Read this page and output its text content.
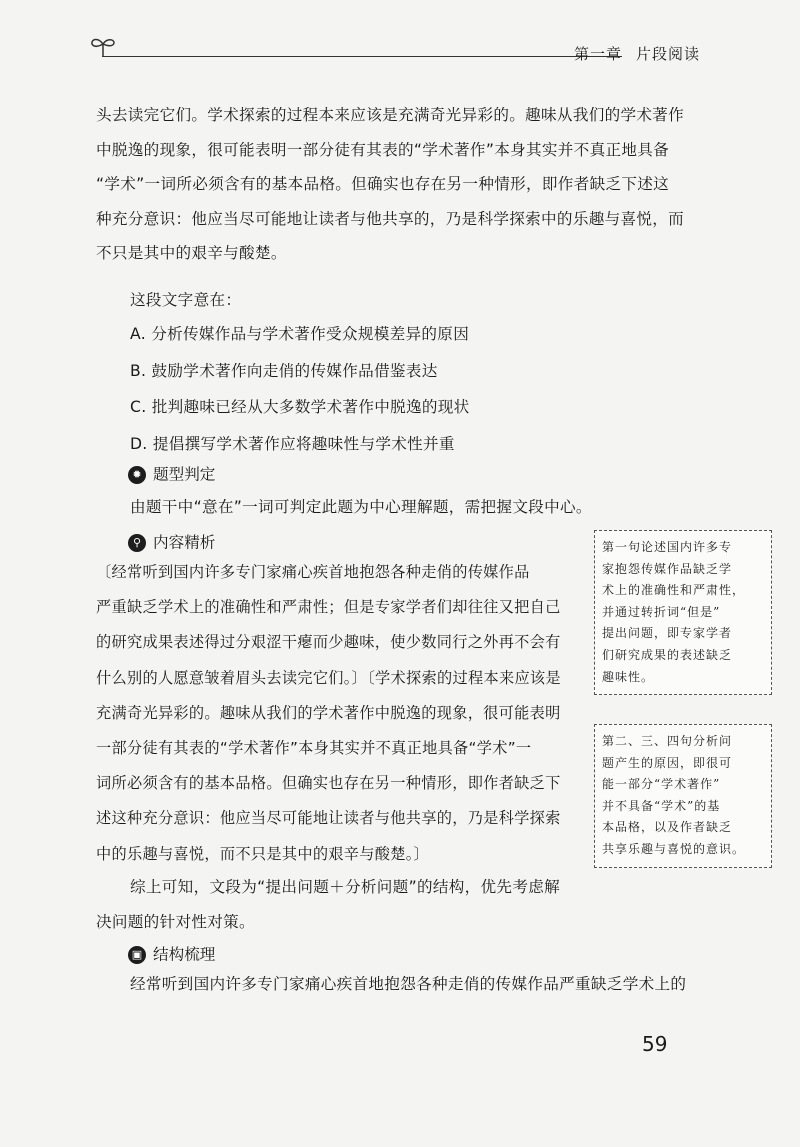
第一章 片段阅读
头去读完它们。学术探索的过程本来应该是充满奇光异彩的。趣味从我们的学术著作
中脱逸的现象，很可能表明一部分徒有其表的“学术著作”本身其实并不真正地具备
“学术”一词所必须含有的基本品格。但确实也存在另一种情形，即作者缺乏下述这
种充分意识：他应当尽可能地让读者与他共享的，乃是科学探索中的乐趣与喜悦，而
不只是其中的艰辛与酸楚。
这段文字意在：
A. 分析传媒作品与学术著作受众规模差异的原因
B. 鼓励学术著作向走俏的传媒作品借鉴表达
C. 批判趣味已经从大多数学术著作中脱逸的现状
D. 提倡撰写学术著作应将趣味性与学术性并重
✹ 题型判定
由题干中“意在”一词可判定此题为中心理解题，需把握文段中心。
⚲ 内容精析
〔经常听到国内许多专门家痛心疾首地抱怨各种走俏的传媒作品
严重缺乏学术上的准确性和严肃性；但是专家学者们却往往又把自己
的研究成果表述得过分艰涩干瘪而少趣味，使少数同行之外再不会有
什么别的人愿意皱着眉头去读完它们。〕〔学术探索的过程本来应该是
充满奇光异彩的。趣味从我们的学术著作中脱逸的现象，很可能表明
一部分徒有其表的“学术著作”本身其实并不真正地具备“学术”一
词所必须含有的基本品格。但确实也存在另一种情形，即作者缺乏下
述这种充分意识：他应当尽可能地让读者与他共享的，乃是科学探索
中的乐趣与喜悦，而不只是其中的艰辛与酸楚。〕
综上可知，文段为“提出问题＋分析问题”的结构，优先考虑解
决问题的针对性对策。
第一句论述国内许多专
家抱怨传媒作品缺乏学
术上的准确性和严肃性，
并通过转折词“但是”
提出问题，即专家学者
们研究成果的表述缺乏
趣味性。
第二、三、四句分析问
题产生的原因，即很可
能一部分“学术著作”
并不具备“学术”的基
本品格，以及作者缺乏
共享乐趣与喜悦的意识。
▣ 结构梳理
经常听到国内许多专门家痛心疾首地抱怨各种走俏的传媒作品严重缺乏学术上的
59
